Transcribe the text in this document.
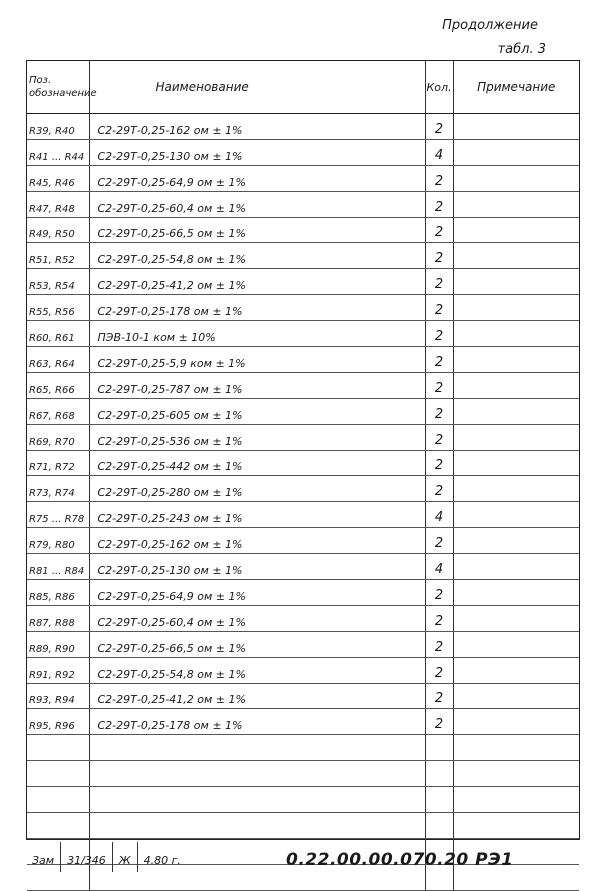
Продолжение
табл. 3
Поз. обозначение	Наименование	Кол.	Примечание
R39, R40	С2-29Т-0,25-162 ом ± 1%	2	
R41 ... R44	С2-29Т-0,25-130 ом ± 1%	4	
R45, R46	С2-29Т-0,25-64,9 ом ± 1%	2	
R47, R48	С2-29Т-0,25-60,4 ом ± 1%	2	
R49, R50	С2-29Т-0,25-66,5 ом ± 1%	2	
R51, R52	С2-29Т-0,25-54,8 ом ± 1%	2	
R53, R54	С2-29Т-0,25-41,2 ом ± 1%	2	
R55, R56	С2-29Т-0,25-178 ом ± 1%	2	
R60, R61	ПЭВ-10-1 ком ± 10%	2	
R63, R64	С2-29Т-0,25-5,9 ком ± 1%	2	
R65, R66	С2-29Т-0,25-787 ом ± 1%	2	
R67, R68	С2-29Т-0,25-605 ом ± 1%	2	
R69, R70	С2-29Т-0,25-536 ом ± 1%	2	
R71, R72	С2-29Т-0,25-442 ом ± 1%	2	
R73, R74	С2-29Т-0,25-280 ом ± 1%	2	
R75 ... R78	С2-29Т-0,25-243 ом ± 1%	4	
R79, R80	С2-29Т-0,25-162 ом ± 1%	2	
R81 ... R84	С2-29Т-0,25-130 ом ± 1%	4	
R85, R86	С2-29Т-0,25-64,9 ом ± 1%	2	
R87, R88	С2-29Т-0,25-60,4 ом ± 1%	2	
R89, R90	С2-29Т-0,25-66,5 ом ± 1%	2	
R91, R92	С2-29Т-0,25-54,8 ом ± 1%	2	
R93, R94	С2-29Т-0,25-41,2 ом ± 1%	2	
R95, R96	С2-29Т-0,25-178 ом ± 1%	2	

Зам	31/346	Ж	4.80 г.	0.22.00.00.070.20 РЭ1
